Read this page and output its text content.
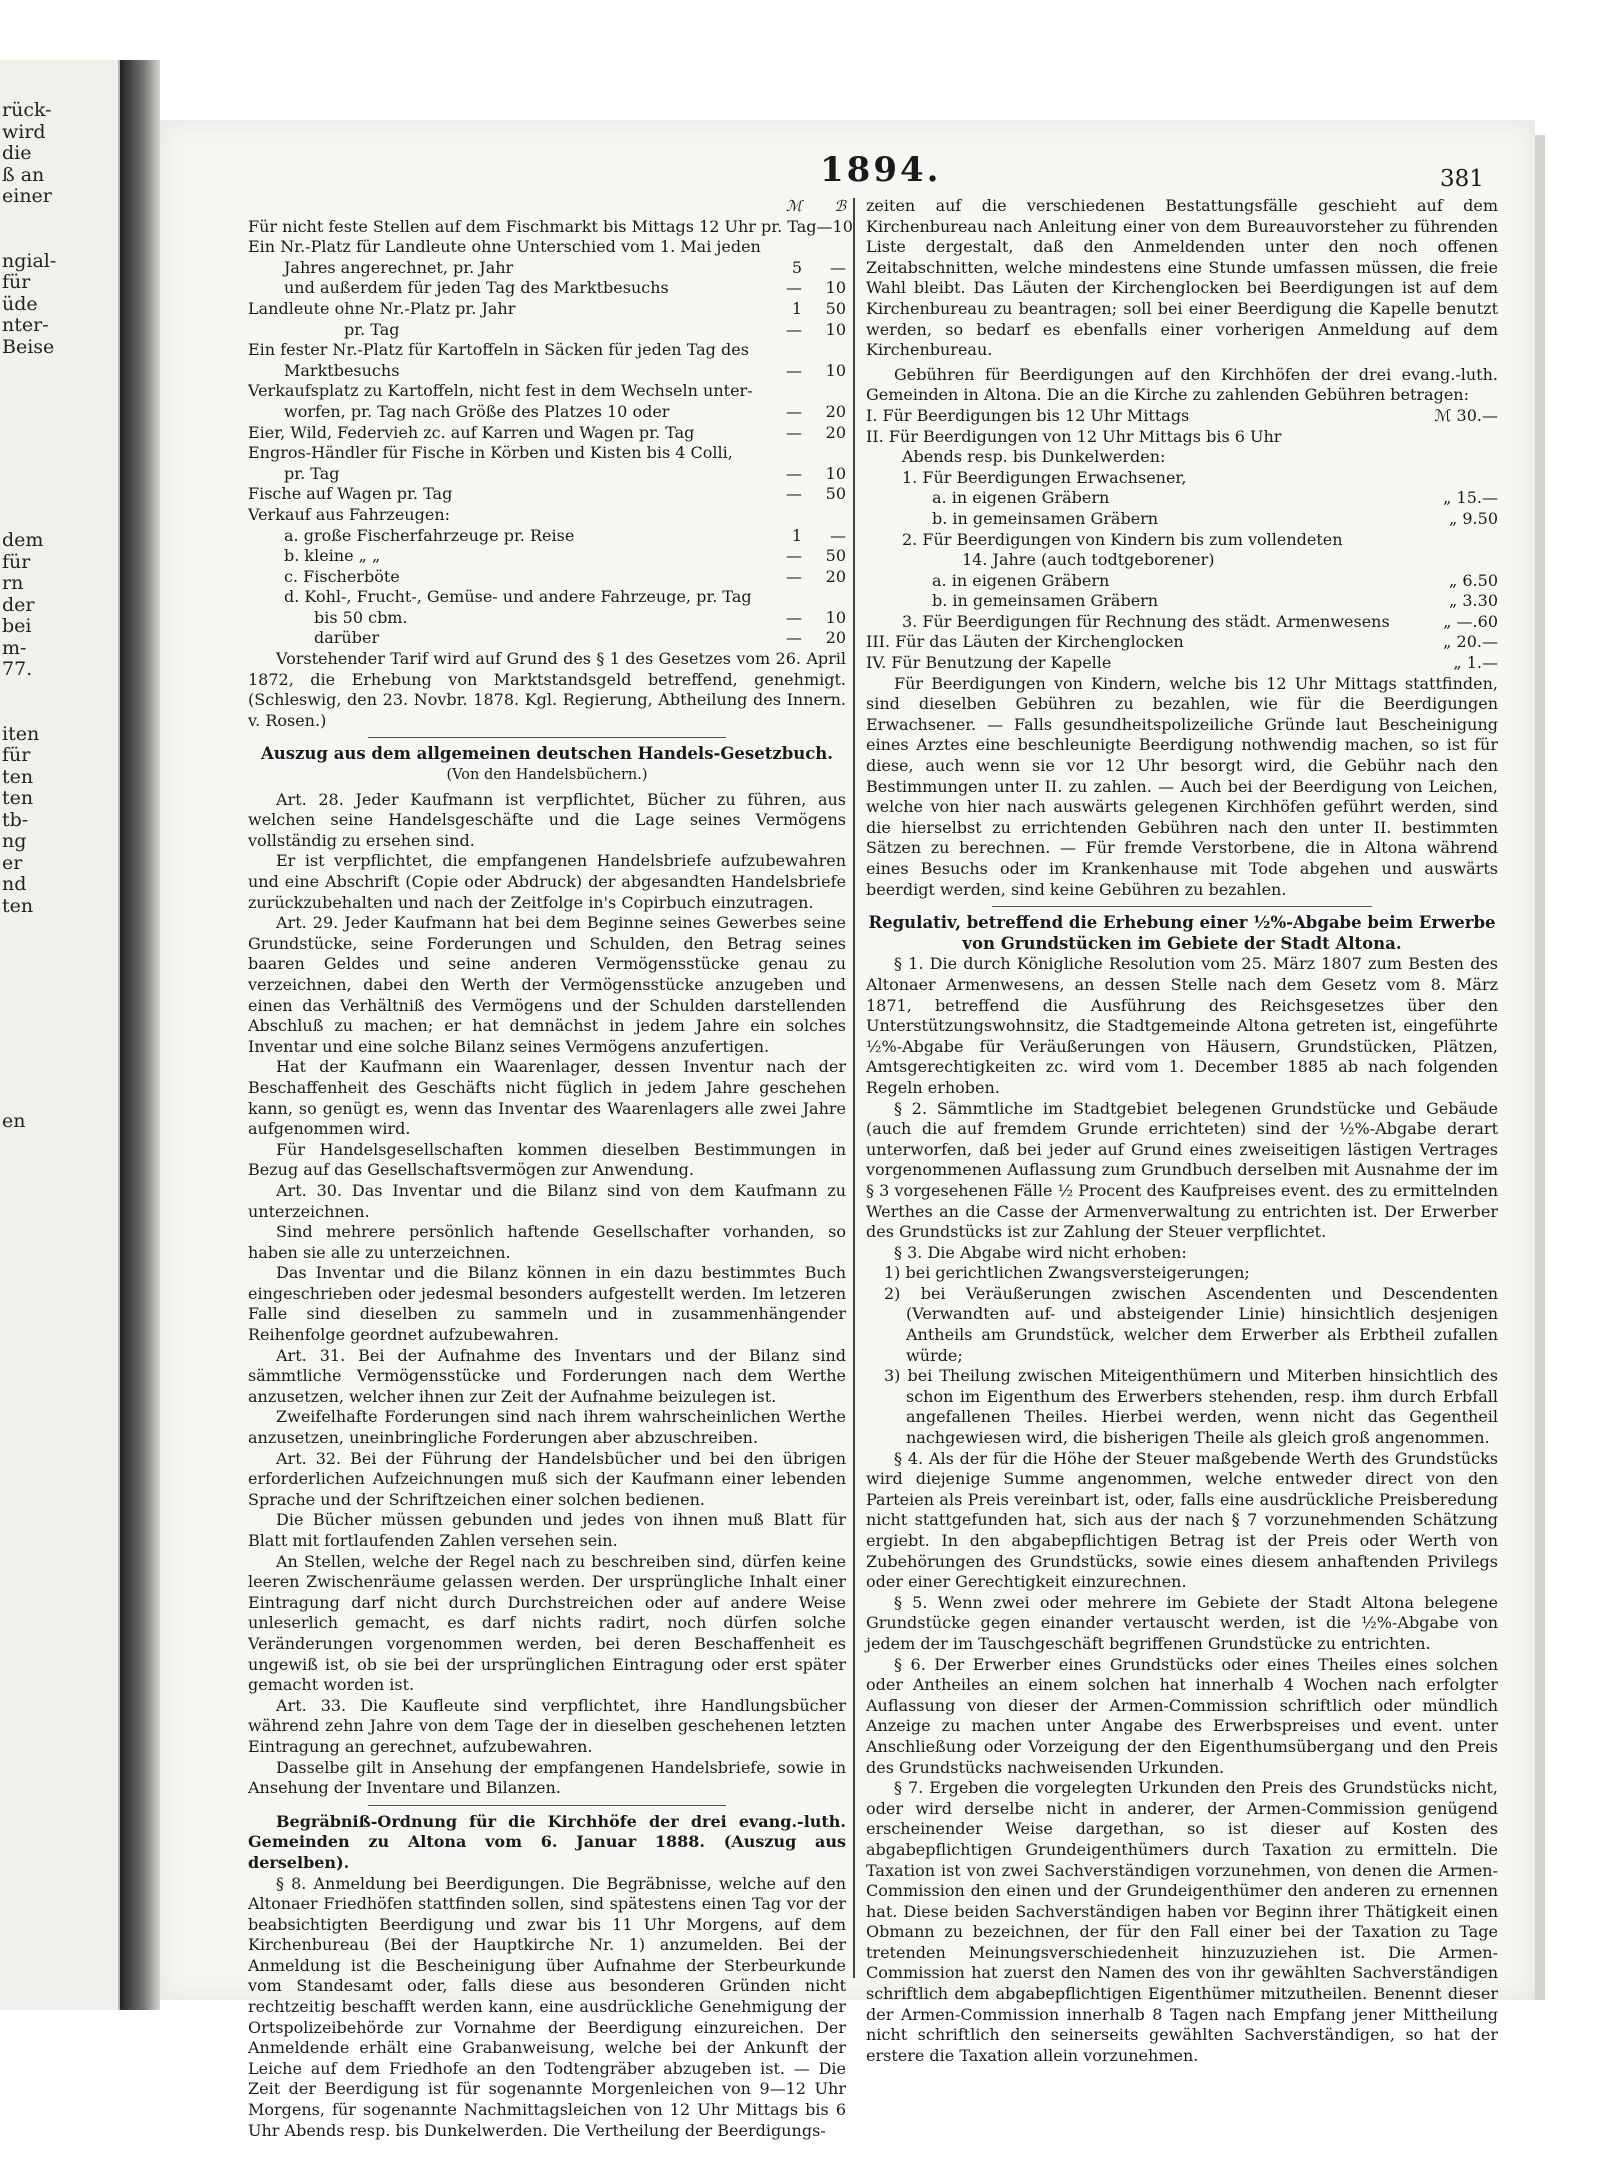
rück-
wird
die
ß an
einer
ngial-
für
üde
nter-
Beise
dem
für
rn
der
bei
m-
77.
iten
für
ten
ten
tb-
ng
er
nd
ten
en
1894.	381
ℳ	ℬ
Für nicht feste Stellen auf dem Fischmarkt bis Mittags 12 Uhr pr. Tag — 10
Ein Nr.-Platz für Landleute ohne Unterschied vom 1. Mai jeden
Jahres angerechnet, pr. Jahr	5	—
und außerdem für jeden Tag des Marktbesuchs	—	10
Landleute ohne Nr.-Platz pr. Jahr	1	50
pr. Tag	—	10
Ein fester Nr.-Platz für Kartoffeln in Säcken für jeden Tag des
Marktbesuchs	—	10
Verkaufsplatz zu Kartoffeln, nicht fest in dem Wechseln unter-
worfen, pr. Tag nach Größe des Platzes 10 oder	—	20
Eier, Wild, Federvieh zc. auf Karren und Wagen pr. Tag	—	20
Engros-Händler für Fische in Körben und Kisten bis 4 Colli,
pr. Tag	—	10
Fische auf Wagen pr. Tag	—	50
Verkauf aus Fahrzeugen:
a. große Fischerfahrzeuge pr. Reise	1	—
b. kleine „ „	—	50
c. Fischerböte	—	20
d. Kohl-, Frucht-, Gemüse- und andere Fahrzeuge, pr. Tag
bis 50 cbm.	—	10
darüber	—	20

Vorstehender Tarif wird auf Grund des § 1 des Gesetzes vom 26. April 1872, die Erhebung von Marktstandsgeld betreffend, genehmigt. (Schleswig, den 23. Novbr. 1878. Kgl. Regierung, Abtheilung des Innern. v. Rosen.)

Auszug aus dem allgemeinen deutschen Handels-Gesetzbuch.

(Von den Handelsbüchern.)

Art. 28. Jeder Kaufmann ist verpflichtet, Bücher zu führen, aus welchen seine Handelsgeschäfte und die Lage seines Vermögens vollständig zu ersehen sind.

Er ist verpflichtet, die empfangenen Handelsbriefe aufzubewahren und eine Abschrift (Copie oder Abdruck) der abgesandten Handelsbriefe zurückzubehalten und nach der Zeitfolge in's Copirbuch einzutragen.

Art. 29. Jeder Kaufmann hat bei dem Beginne seines Gewerbes seine Grundstücke, seine Forderungen und Schulden, den Betrag seines baaren Geldes und seine anderen Vermögensstücke genau zu verzeichnen, dabei den Werth der Vermögensstücke anzugeben und einen das Verhältniß des Vermögens und der Schulden darstellenden Abschluß zu machen; er hat demnächst in jedem Jahre ein solches Inventar und eine solche Bilanz seines Vermögens anzufertigen.

Hat der Kaufmann ein Waarenlager, dessen Inventur nach der Beschaffenheit des Geschäfts nicht füglich in jedem Jahre geschehen kann, so genügt es, wenn das Inventar des Waarenlagers alle zwei Jahre aufgenommen wird.

Für Handelsgesellschaften kommen dieselben Bestimmungen in Bezug auf das Gesellschaftsvermögen zur Anwendung.

Art. 30. Das Inventar und die Bilanz sind von dem Kaufmann zu unterzeichnen.

Sind mehrere persönlich haftende Gesellschafter vorhanden, so haben sie alle zu unterzeichnen.

Das Inventar und die Bilanz können in ein dazu bestimmtes Buch eingeschrieben oder jedesmal besonders aufgestellt werden. Im letzeren Falle sind dieselben zu sammeln und in zusammenhängender Reihenfolge geordnet aufzubewahren.

Art. 31. Bei der Aufnahme des Inventars und der Bilanz sind sämmtliche Vermögensstücke und Forderungen nach dem Werthe anzusetzen, welcher ihnen zur Zeit der Aufnahme beizulegen ist.

Zweifelhafte Forderungen sind nach ihrem wahrscheinlichen Werthe anzusetzen, uneinbringliche Forderungen aber abzuschreiben.

Art. 32. Bei der Führung der Handelsbücher und bei den übrigen erforderlichen Aufzeichnungen muß sich der Kaufmann einer lebenden Sprache und der Schriftzeichen einer solchen bedienen.

Die Bücher müssen gebunden und jedes von ihnen muß Blatt für Blatt mit fortlaufenden Zahlen versehen sein.

An Stellen, welche der Regel nach zu beschreiben sind, dürfen keine leeren Zwischenräume gelassen werden. Der ursprüngliche Inhalt einer Eintragung darf nicht durch Durchstreichen oder auf andere Weise unleserlich gemacht, es darf nichts radirt, noch dürfen solche Veränderungen vorgenommen werden, bei deren Beschaffenheit es ungewiß ist, ob sie bei der ursprünglichen Eintragung oder erst später gemacht worden ist.

Art. 33. Die Kaufleute sind verpflichtet, ihre Handlungsbücher während zehn Jahre von dem Tage der in dieselben geschehenen letzten Eintragung an gerechnet, aufzubewahren.

Dasselbe gilt in Ansehung der empfangenen Handelsbriefe, sowie in Ansehung der Inventare und Bilanzen.

Begräbniß-Ordnung für die Kirchhöfe der drei evang.-luth. Gemeinden zu Altona vom 6. Januar 1888. (Auszug aus derselben).

§ 8. Anmeldung bei Beerdigungen. Die Begräbnisse, welche auf den Altonaer Friedhöfen stattfinden sollen, sind spätestens einen Tag vor der beabsichtigten Beerdigung und zwar bis 11 Uhr Morgens, auf dem Kirchenbureau (Bei der Hauptkirche Nr. 1) anzumelden. Bei der Anmeldung ist die Bescheinigung über Aufnahme der Sterbeurkunde vom Standesamt oder, falls diese aus besonderen Gründen nicht rechtzeitig beschafft werden kann, eine ausdrückliche Genehmigung der Ortspolizeibehörde zur Vornahme der Beerdigung einzureichen. Der Anmeldende erhält eine Grabanweisung, welche bei der Ankunft der Leiche auf dem Friedhofe an den Todtengräber abzugeben ist. — Die Zeit der Beerdigung ist für sogenannte Morgenleichen von 9—12 Uhr Morgens, für sogenannte Nachmittagsleichen von 12 Uhr Mittags bis 6 Uhr Abends resp. bis Dunkelwerden. Die Vertheilung der Beerdigungs-

zeiten auf die verschiedenen Bestattungsfälle geschieht auf dem Kirchenbureau nach Anleitung einer von dem Bureauvorsteher zu führenden Liste dergestalt, daß den Anmeldenden unter den noch offenen Zeitabschnitten, welche mindestens eine Stunde umfassen müssen, die freie Wahl bleibt. Das Läuten der Kirchenglocken bei Beerdigungen ist auf dem Kirchenbureau zu beantragen; soll bei einer Beerdigung die Kapelle benutzt werden, so bedarf es ebenfalls einer vorherigen Anmeldung auf dem Kirchenbureau.

Gebühren für Beerdigungen auf den Kirchhöfen der drei evang.-luth. Gemeinden in Altona. Die an die Kirche zu zahlenden Gebühren betragen:

I. Für Beerdigungen bis 12 Uhr Mittags	ℳ 30.—
II. Für Beerdigungen von 12 Uhr Mittags bis 6 Uhr
Abends resp. bis Dunkelwerden:
1. Für Beerdigungen Erwachsener,
a. in eigenen Gräbern	„ 15.—
b. in gemeinsamen Gräbern	„ 9.50
2. Für Beerdigungen von Kindern bis zum vollendeten
14. Jahre (auch todtgeborener)
a. in eigenen Gräbern	„ 6.50
b. in gemeinsamen Gräbern	„ 3.30
3. Für Beerdigungen für Rechnung des städt. Armenwesens	„ —.60
III. Für das Läuten der Kirchenglocken	„ 20.—
IV. Für Benutzung der Kapelle	„ 1.—

Für Beerdigungen von Kindern, welche bis 12 Uhr Mittags stattfinden, sind dieselben Gebühren zu bezahlen, wie für die Beerdigungen Erwachsener. — Falls gesundheitspolizeiliche Gründe laut Bescheinigung eines Arztes eine beschleunigte Beerdigung nothwendig machen, so ist für diese, auch wenn sie vor 12 Uhr besorgt wird, die Gebühr nach den Bestimmungen unter II. zu zahlen. — Auch bei der Beerdigung von Leichen, welche von hier nach auswärts gelegenen Kirchhöfen geführt werden, sind die hierselbst zu errichtenden Gebühren nach den unter II. bestimmten Sätzen zu berechnen. — Für fremde Verstorbene, die in Altona während eines Besuchs oder im Krankenhause mit Tode abgehen und auswärts beerdigt werden, sind keine Gebühren zu bezahlen.

Regulativ, betreffend die Erhebung einer ½%-Abgabe beim Erwerbe von Grundstücken im Gebiete der Stadt Altona.

§ 1. Die durch Königliche Resolution vom 25. März 1807 zum Besten des Altonaer Armenwesens, an dessen Stelle nach dem Gesetz vom 8. März 1871, betreffend die Ausführung des Reichsgesetzes über den Unterstützungswohnsitz, die Stadtgemeinde Altona getreten ist, eingeführte ½%-Abgabe für Veräußerungen von Häusern, Grundstücken, Plätzen, Amtsgerechtigkeiten zc. wird vom 1. December 1885 ab nach folgenden Regeln erhoben.

§ 2. Sämmtliche im Stadtgebiet belegenen Grundstücke und Gebäude (auch die auf fremdem Grunde errichteten) sind der ½%-Abgabe derart unterworfen, daß bei jeder auf Grund eines zweiseitigen lästigen Vertrages vorgenommenen Auflassung zum Grundbuch derselben mit Ausnahme der im § 3 vorgesehenen Fälle ½ Procent des Kaufpreises event. des zu ermittelnden Werthes an die Casse der Armenverwaltung zu entrichten ist. Der Erwerber des Grundstücks ist zur Zahlung der Steuer verpflichtet.

§ 3. Die Abgabe wird nicht erhoben:

1) bei gerichtlichen Zwangsversteigerungen;

2) bei Veräußerungen zwischen Ascendenten und Descendenten (Verwandten auf- und absteigender Linie) hinsichtlich desjenigen Antheils am Grundstück, welcher dem Erwerber als Erbtheil zufallen würde;

3) bei Theilung zwischen Miteigenthümern und Miterben hinsichtlich des schon im Eigenthum des Erwerbers stehenden, resp. ihm durch Erbfall angefallenen Theiles. Hierbei werden, wenn nicht das Gegentheil nachgewiesen wird, die bisherigen Theile als gleich groß angenommen.

§ 4. Als der für die Höhe der Steuer maßgebende Werth des Grundstücks wird diejenige Summe angenommen, welche entweder direct von den Parteien als Preis vereinbart ist, oder, falls eine ausdrückliche Preisberedung nicht stattgefunden hat, sich aus der nach § 7 vorzunehmenden Schätzung ergiebt. In den abgabepflichtigen Betrag ist der Preis oder Werth von Zubehörungen des Grundstücks, sowie eines diesem anhaftenden Privilegs oder einer Gerechtigkeit einzurechnen.

§ 5. Wenn zwei oder mehrere im Gebiete der Stadt Altona belegene Grundstücke gegen einander vertauscht werden, ist die ½%-Abgabe von jedem der im Tauschgeschäft begriffenen Grundstücke zu entrichten.

§ 6. Der Erwerber eines Grundstücks oder eines Theiles eines solchen oder Antheiles an einem solchen hat innerhalb 4 Wochen nach erfolgter Auflassung von dieser der Armen-Commission schriftlich oder mündlich Anzeige zu machen unter Angabe des Erwerbspreises und event. unter Anschließung oder Vorzeigung der den Eigenthumsübergang und den Preis des Grundstücks nachweisenden Urkunden.

§ 7. Ergeben die vorgelegten Urkunden den Preis des Grundstücks nicht, oder wird derselbe nicht in anderer, der Armen-Commission genügend erscheinender Weise dargethan, so ist dieser auf Kosten des abgabepflichtigen Grundeigenthümers durch Taxation zu ermitteln. Die Taxation ist von zwei Sachverständigen vorzunehmen, von denen die Armen-Commission den einen und der Grundeigenthümer den anderen zu ernennen hat. Diese beiden Sachverständigen haben vor Beginn ihrer Thätigkeit einen Obmann zu bezeichnen, der für den Fall einer bei der Taxation zu Tage tretenden Meinungsverschiedenheit hinzuzuziehen ist. Die Armen-Commission hat zuerst den Namen des von ihr gewählten Sachverständigen schriftlich dem abgabepflichtigen Eigenthümer mitzutheilen. Benennt dieser der Armen-Commission innerhalb 8 Tagen nach Empfang jener Mittheilung nicht schriftlich den seinerseits gewählten Sachverständigen, so hat der erstere die Taxation allein vorzunehmen.
